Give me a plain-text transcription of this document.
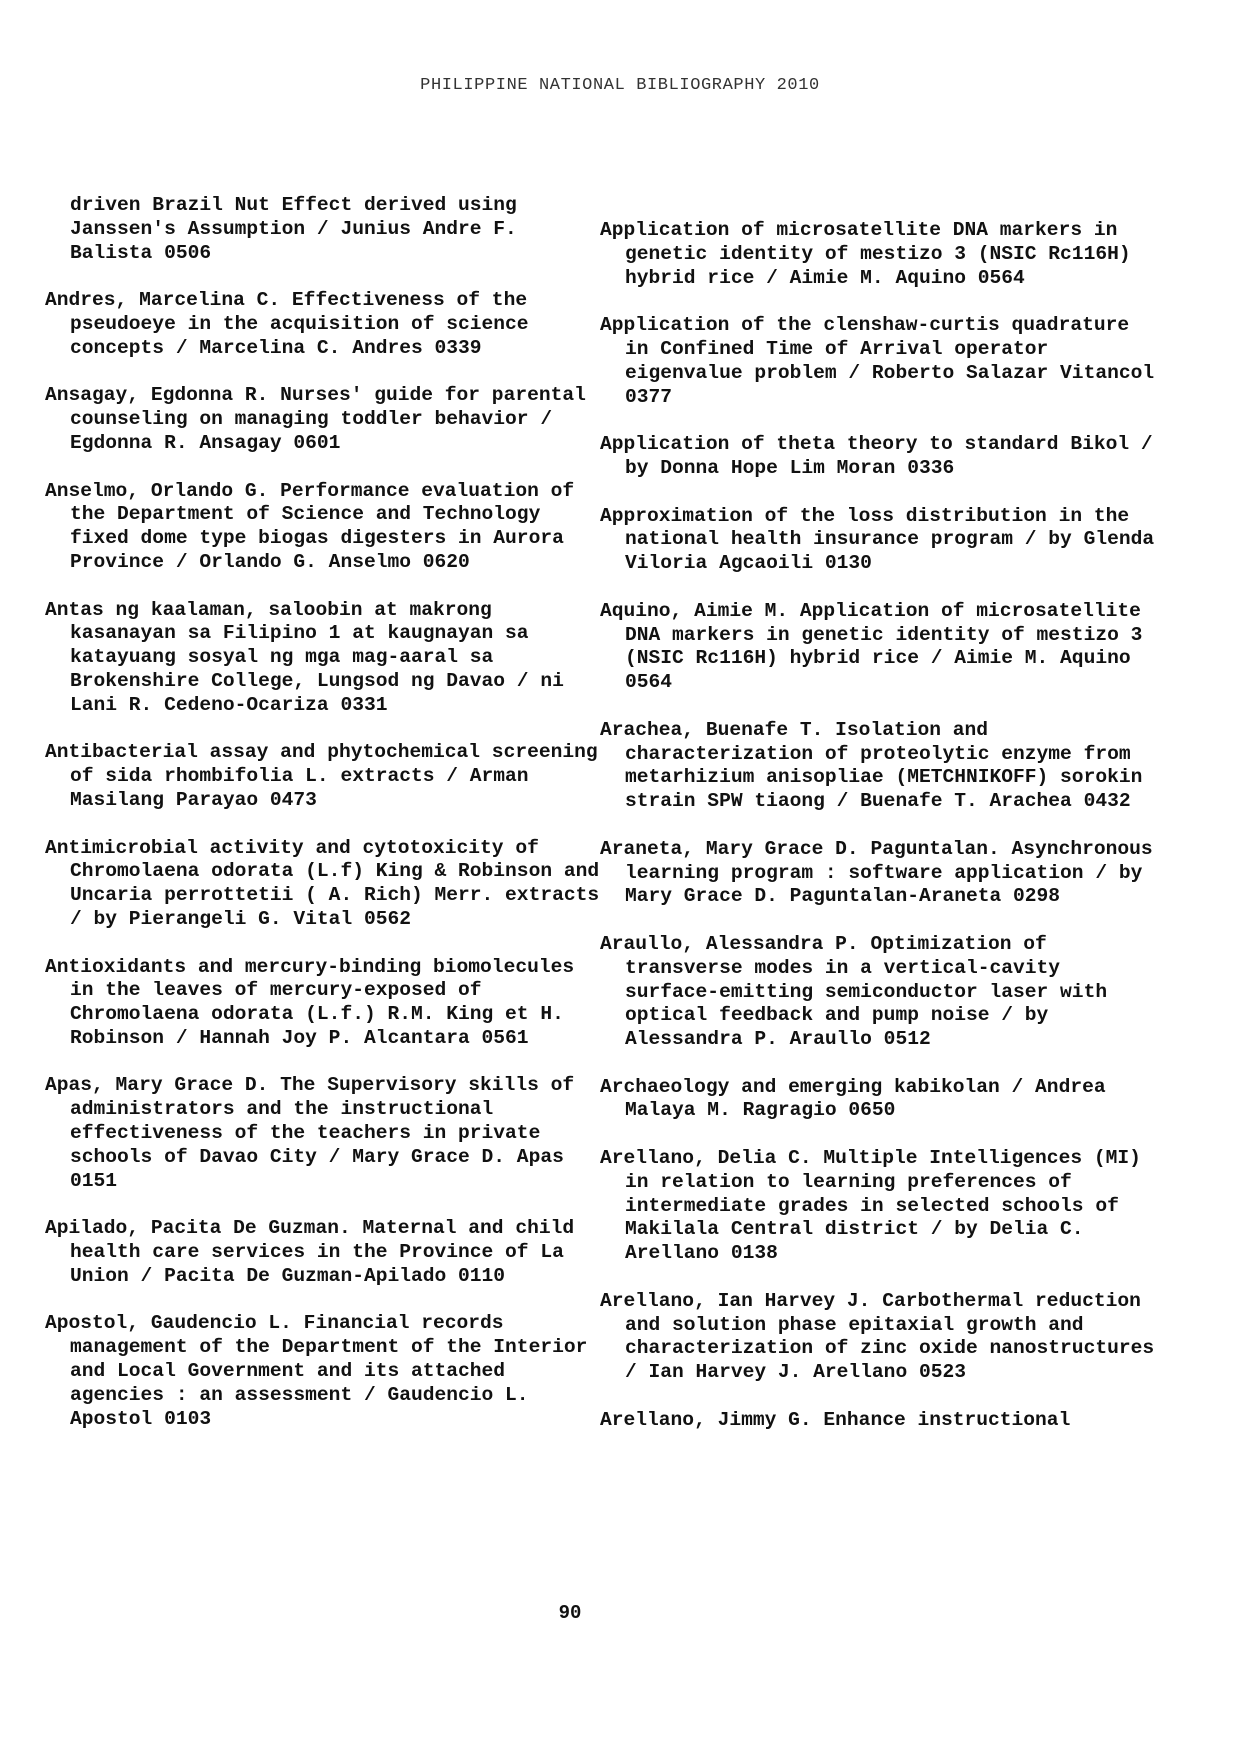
PHILIPPINE NATIONAL BIBLIOGRAPHY 2010
driven Brazil Nut Effect derived using Janssen's Assumption / Junius Andre F. Balista 0506
Andres, Marcelina C. Effectiveness of the pseudoeye in the acquisition of science concepts / Marcelina C. Andres 0339
Ansagay, Egdonna R. Nurses' guide for parental counseling on managing toddler behavior / Egdonna R. Ansagay 0601
Anselmo, Orlando G. Performance evaluation of the Department of Science and Technology fixed dome type biogas digesters in Aurora Province / Orlando G. Anselmo 0620
Antas ng kaalaman, saloobin at makrong kasanayan sa Filipino 1 at kaugnayan sa katayuang sosyal ng mga mag-aaral sa Brokenshire College, Lungsod ng Davao / ni Lani R. Cedeno-Ocariza 0331
Antibacterial assay and phytochemical screening of sida rhombifolia L. extracts / Arman Masilang Parayao 0473
Antimicrobial activity and cytotoxicity of Chromolaena odorata (L.f) King & Robinson and Uncaria perrottetii ( A. Rich) Merr. extracts / by Pierangeli G. Vital 0562
Antioxidants and mercury-binding biomolecules in the leaves of mercury-exposed of Chromolaena odorata (L.f.) R.M. King et H. Robinson / Hannah Joy P. Alcantara 0561
Apas, Mary Grace D. The Supervisory skills of administrators and the instructional effectiveness of the teachers in private schools of Davao City / Mary Grace D. Apas 0151
Apilado, Pacita De Guzman. Maternal and child health care services in the Province of La Union / Pacita De Guzman-Apilado 0110
Apostol, Gaudencio L. Financial records management of the Department of the Interior and Local Government and its attached agencies : an assessment / Gaudencio L. Apostol 0103
Application of microsatellite DNA markers in genetic identity of mestizo 3 (NSIC Rc116H) hybrid rice / Aimie M. Aquino 0564
Application of the clenshaw-curtis quadrature in Confined Time of Arrival operator eigenvalue problem / Roberto Salazar Vitancol 0377
Application of theta theory to standard Bikol / by Donna Hope Lim Moran 0336
Approximation of the loss distribution in the national health insurance program / by Glenda Viloria Agcaoili 0130
Aquino, Aimie M. Application of microsatellite DNA markers in genetic identity of mestizo 3 (NSIC Rc116H) hybrid rice / Aimie M. Aquino 0564
Arachea, Buenafe T. Isolation and characterization of proteolytic enzyme from metarhizium anisopliae (METCHNIKOFF) sorokin strain SPW tiaong / Buenafe T. Arachea 0432
Araneta, Mary Grace D. Paguntalan. Asynchronous learning program : software application / by Mary Grace D. Paguntalan-Araneta 0298
Araullo, Alessandra P. Optimization of transverse modes in a vertical-cavity surface-emitting semiconductor laser with optical feedback and pump noise / by Alessandra P. Araullo 0512
Archaeology and emerging kabikolan / Andrea Malaya M. Ragragio 0650
Arellano, Delia C. Multiple Intelligences (MI) in relation to learning preferences of intermediate grades in selected schools of Makilala Central district / by Delia C. Arellano 0138
Arellano, Ian Harvey J. Carbothermal reduction and solution phase epitaxial growth and characterization of zinc oxide nanostructures / Ian Harvey J. Arellano 0523
Arellano, Jimmy G. Enhance instructional
90
